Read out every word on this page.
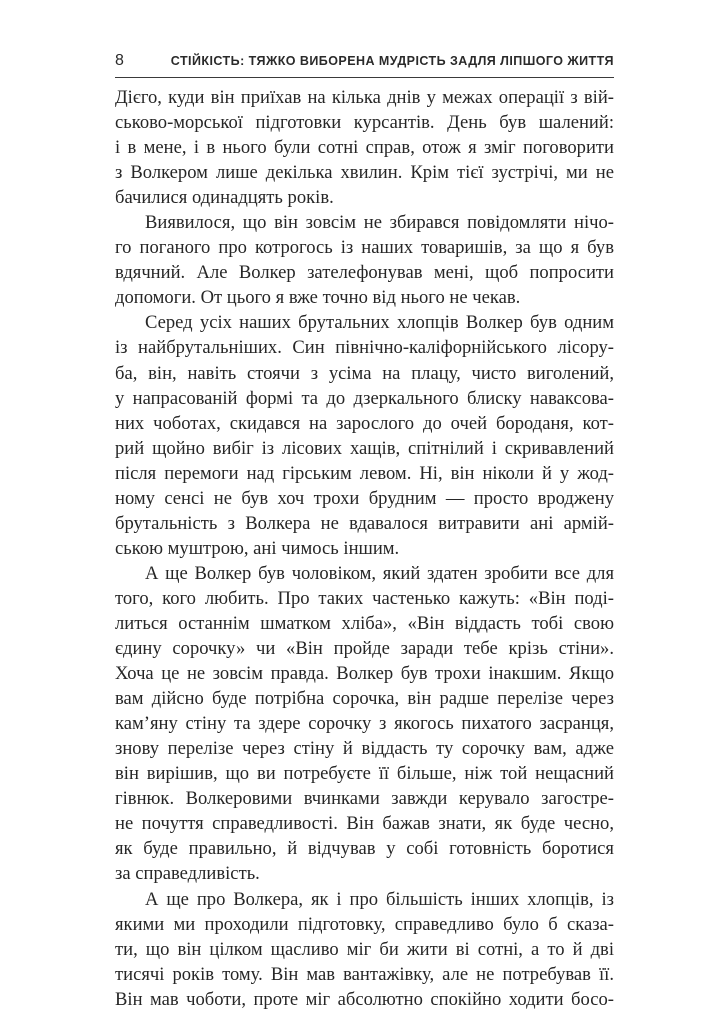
8	СТІЙКІСТЬ: ТЯЖКО ВИБОРЕНА МУДРІСТЬ ЗАДЛЯ ЛІПШОГО ЖИТТЯ
Дієго, куди він приїхав на кілька днів у межах операції з вій-
ськово-морської підготовки курсантів. День був шалений:
і в мене, і в нього були сотні справ, отож я зміг поговорити
з Волкером лише декілька хвилин. Крім тієї зустрічі, ми не
бачилися одинадцять років.
Виявилося, що він зовсім не збирався повідомляти нічо-
го поганого про котрогось із наших товаришів, за що я був
вдячний. Але Волкер зателефонував мені, щоб попросити
допомоги. От цього я вже точно від нього не чекав.
Серед усіх наших брутальних хлопців Волкер був одним
із найбрутальніших. Син північно-каліфорнійського лісору-
ба, він, навіть стоячи з усіма на плацу, чисто виголений,
у напрасованій формі та до дзеркального блиску наваксова-
них чоботах, скидався на зарослого до очей бороданя, кот-
рий щойно вибіг із лісових хащів, спітнілий і скривавлений
після перемоги над гірським левом. Ні, він ніколи й у жод-
ному сенсі не був хоч трохи брудним — просто вроджену
брутальність з Волкера не вдавалося витравити ані армій-
ською муштрою, ані чимось іншим.
А ще Волкер був чоловіком, який здатен зробити все для
того, кого любить. Про таких частенько кажуть: «Він поді-
литься останнім шматком хліба», «Він віддасть тобі свою
єдину сорочку» чи «Він пройде заради тебе крізь стіни».
Хоча це не зовсім правда. Волкер був трохи інакшим. Якщо
вам дійсно буде потрібна сорочка, він радше перелізе через
кам’яну стіну та здере сорочку з якогось пихатого засранця,
знову перелізе через стіну й віддасть ту сорочку вам, адже
він вирішив, що ви потребуєте її більше, ніж той нещасний
гівнюк. Волкеровими вчинками завжди керувало загостре-
не почуття справедливості. Він бажав знати, як буде чесно,
як буде правильно, й відчував у собі готовність боротися
за справедливість.
А ще про Волкера, як і про більшість інших хлопців, із
якими ми проходили підготовку, справедливо було б сказа-
ти, що він цілком щасливо міг би жити ві сотні, а то й дві
тисячі років тому. Він мав вантажівку, але не потребував її.
Він мав чоботи, проте міг абсолютно спокійно ходити босо-
